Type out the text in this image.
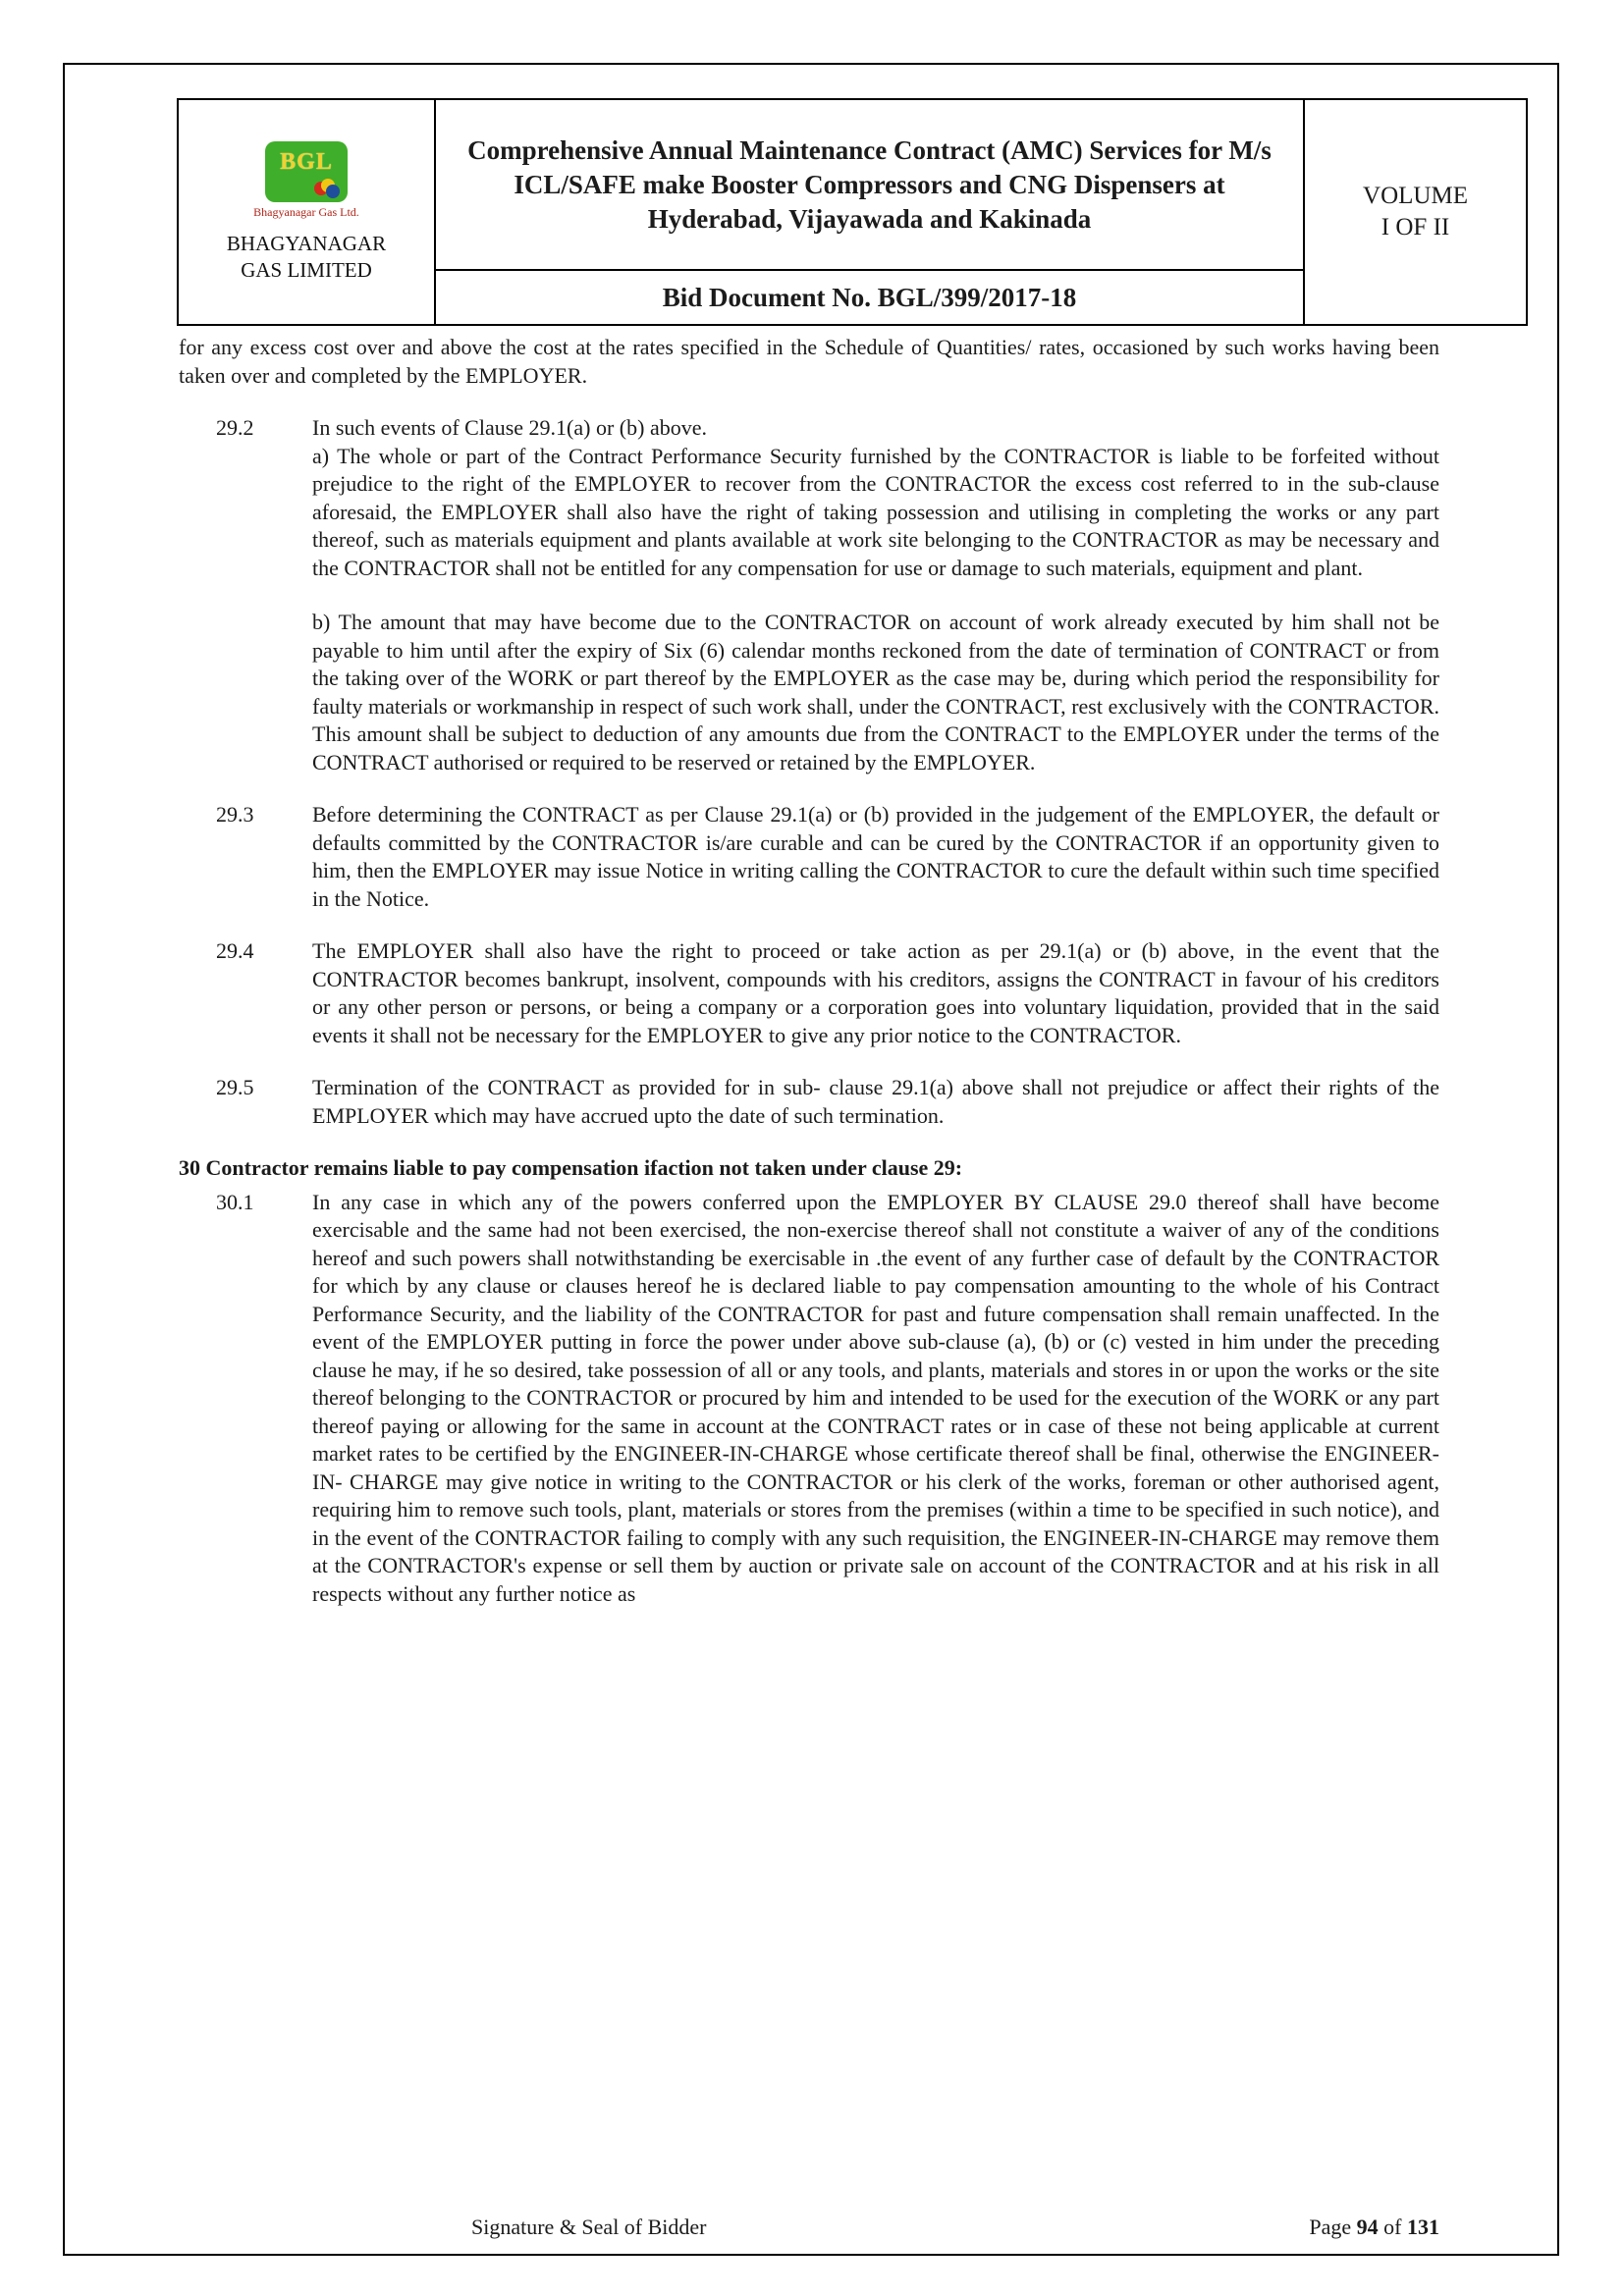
BGL
Bhagyanagar Gas Ltd.
BHAGYANAGAR
GAS LIMITED

Comprehensive Annual Maintenance Contract (AMC) Services for M/s ICL/SAFE make Booster Compressors and CNG Dispensers at Hyderabad, Vijayawada and Kakinada

VOLUME
I OF II

Bid Document No. BGL/399/2017-18

for any excess cost over and above the cost at the rates specified in the Schedule of Quantities/ rates, occasioned by such works having been taken over and completed by the EMPLOYER.

29.2	In such events of Clause 29.1(a) or (b) above.

a) The whole or part of the Contract Performance Security furnished by the CONTRACTOR is liable to be forfeited without prejudice to the right of the EMPLOYER to recover from the CONTRACTOR the excess cost referred to in the sub-clause aforesaid, the EMPLOYER shall also have the right of taking possession and utilising in completing the works or any part thereof, such as materials equipment and plants available at work site belonging to the CONTRACTOR as may be necessary and the CONTRACTOR shall not be entitled for any compensation for use or damage to such materials, equipment and plant.

b) The amount that may have become due to the CONTRACTOR on account of work already executed by him shall not be payable to him until after the expiry of Six (6) calendar months reckoned from the date of termination of CONTRACT or from the taking over of the WORK or part thereof by the EMPLOYER as the case may be, during which period the responsibility for faulty materials or workmanship in respect of such work shall, under the CONTRACT, rest exclusively with the CONTRACTOR. This amount shall be subject to deduction of any amounts due from the CONTRACT to the EMPLOYER under the terms of the CONTRACT authorised or required to be reserved or retained by the EMPLOYER.

29.3	Before determining the CONTRACT as per Clause 29.1(a) or (b) provided in the judgement of the EMPLOYER, the default or defaults committed by the CONTRACTOR is/are curable and can be cured by the CONTRACTOR if an opportunity given to him, then the EMPLOYER may issue Notice in writing calling the CONTRACTOR to cure the default within such time specified in the Notice.

29.4	The EMPLOYER shall also have the right to proceed or take action as per 29.1(a) or (b) above, in the event that the CONTRACTOR becomes bankrupt, insolvent, compounds with his creditors, assigns the CONTRACT in favour of his creditors or any other person or persons, or being a company or a corporation goes into voluntary liquidation, provided that in the said events it shall not be necessary for the EMPLOYER to give any prior notice to the CONTRACTOR.

29.5	Termination of the CONTRACT as provided for in sub- clause 29.1(a) above shall not prejudice or affect their rights of the EMPLOYER which may have accrued upto the date of such termination.

30 Contractor remains liable to pay compensation ifaction not taken under clause 29:
30.1	In any case in which any of the powers conferred upon the EMPLOYER BY CLAUSE 29.0 thereof shall have become exercisable and the same had not been exercised, the non-exercise thereof shall not constitute a waiver of any of the conditions hereof and such powers shall notwithstanding be exercisable in .the event of any further case of default by the CONTRACTOR for which by any clause or clauses hereof he is declared liable to pay compensation amounting to the whole of his Contract Performance Security, and the liability of the CONTRACTOR for past and future compensation shall remain unaffected. In the event of the EMPLOYER putting in force the power under above sub-clause (a), (b) or (c) vested in him under the preceding clause he may, if he so desired, take possession of all or any tools, and plants, materials and stores in or upon the works or the site thereof belonging to the CONTRACTOR or procured by him and intended to be used for the execution of the WORK or any part thereof paying or allowing for the same in account at the CONTRACT rates or in case of these not being applicable at current market rates to be certified by the ENGINEER-IN-CHARGE whose certificate thereof shall be final, otherwise the ENGINEER-IN- CHARGE may give notice in writing to the CONTRACTOR or his clerk of the works, foreman or other authorised agent, requiring him to remove such tools, plant, materials or stores from the premises (within a time to be specified in such notice), and in the event of the CONTRACTOR failing to comply with any such requisition, the ENGINEER-IN-CHARGE may remove them at the CONTRACTOR's expense or sell them by auction or private sale on account of the CONTRACTOR and at his risk in all respects without any further notice as

Signature & Seal of Bidder	Page 94 of 131
